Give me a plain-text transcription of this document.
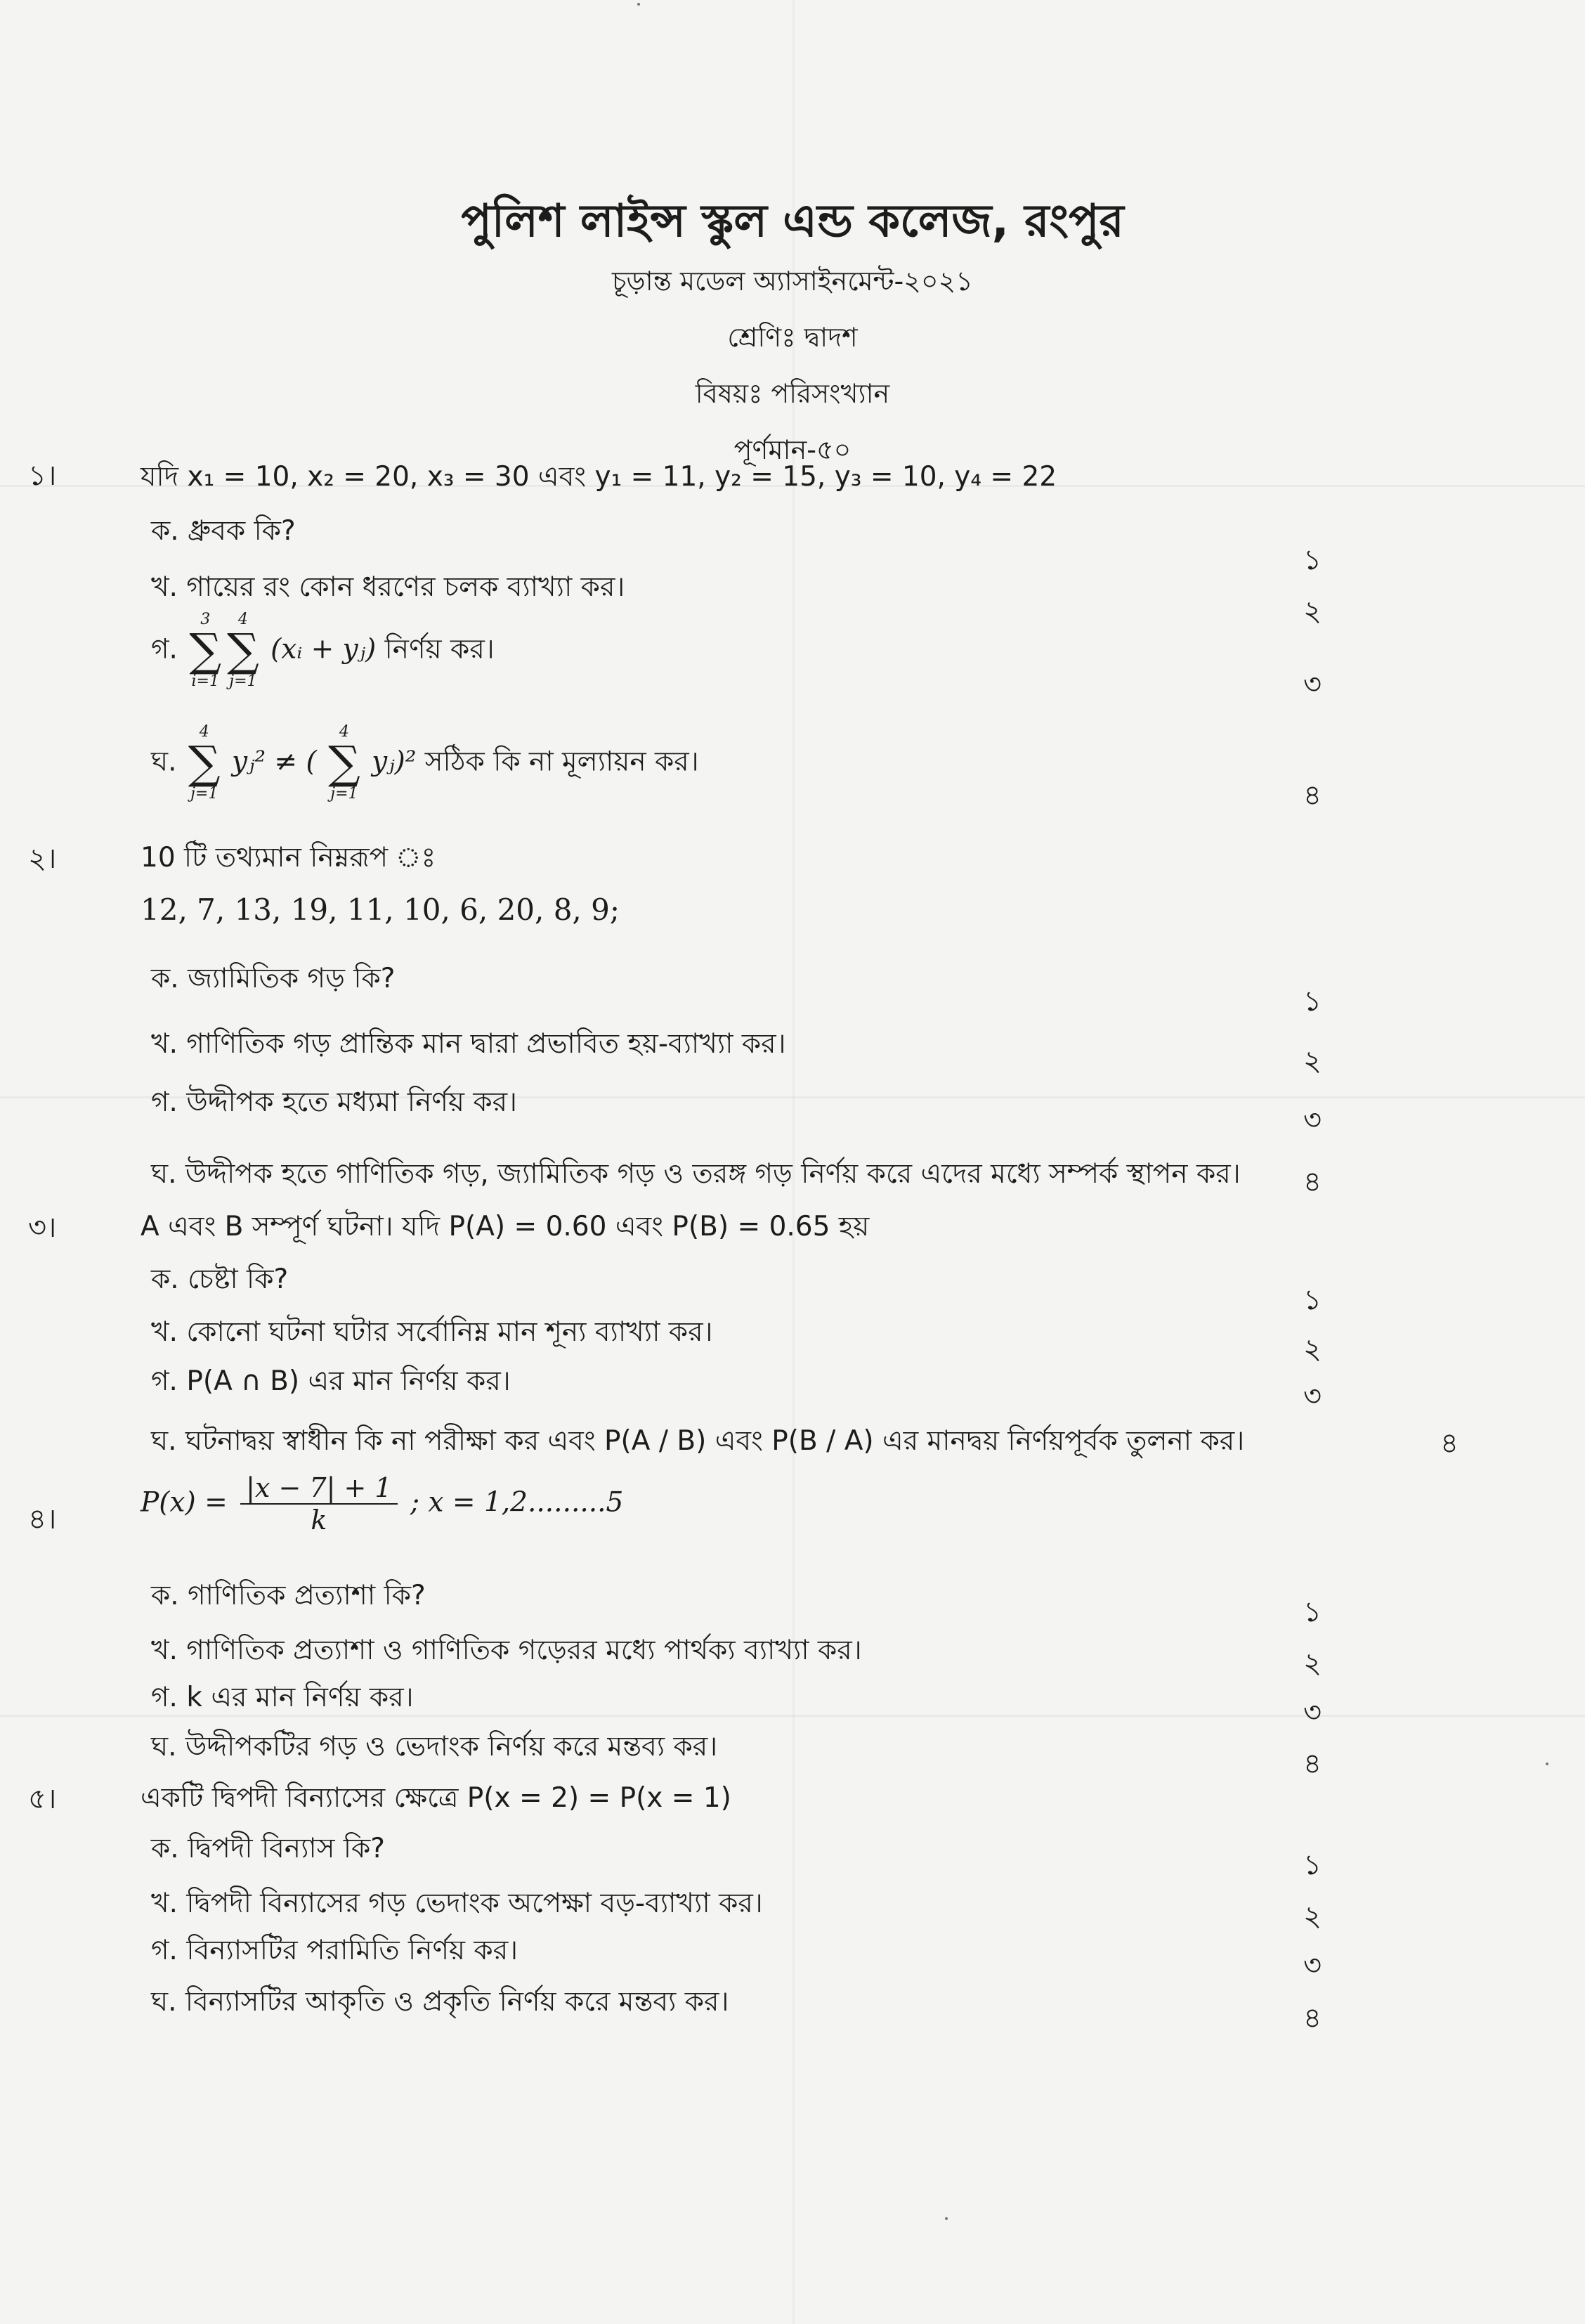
পুলিশ লাইন্স স্কুল এন্ড কলেজ, রংপুর
চূড়ান্ত মডেল অ্যাসাইনমেন্ট-২০২১
শ্রেণিঃ দ্বাদশ
বিষয়ঃ পরিসংখ্যান
পূর্ণমান-৫০
১।	যদি x₁ = 10, x₂ = 20, x₃ = 30 এবং y₁ = 11, y₂ = 15, y₃ = 10, y₄ = 22
ক. ধ্রুবক কি?
১
খ. গায়ের রং কোন ধরণের চলক ব্যাখ্যা কর।
২
গ.
3
∑
i=1
4
∑
j=1
(xᵢ + yⱼ) নির্ণয় কর।
৩
ঘ.
4
∑
j=1
yⱼ² ≠ (
4
∑
j=1
yⱼ)² সঠিক কি না মূল্যায়ন কর।
৪
২।	10 টি তথ্যমান নিম্নরূপ ঃ
12, 7, 13, 19, 11, 10, 6, 20, 8, 9;
ক. জ্যামিতিক গড় কি?
১
খ. গাণিতিক গড় প্রান্তিক মান দ্বারা প্রভাবিত হয়-ব্যাখ্যা কর।
২
গ. উদ্দীপক হতে মধ্যমা নির্ণয় কর।
৩
ঘ. উদ্দীপক হতে গাণিতিক গড়, জ্যামিতিক গড় ও তরঙ্গ গড় নির্ণয় করে এদের মধ্যে সম্পর্ক স্থাপন কর। ৪
৩।	A এবং B সম্পূর্ণ ঘটনা। যদি P(A) = 0.60 এবং P(B) = 0.65 হয়
ক. চেষ্টা কি?
১
খ. কোনো ঘটনা ঘটার সর্বোনিম্ন মান শূন্য ব্যাখ্যা কর।
২
গ. P(A ∩ B) এর মান নির্ণয় কর।	৩
ঘ. ঘটনাদ্বয় স্বাধীন কি না পরীক্ষা কর এবং P(A / B) এবং P(B / A) এর মানদ্বয় নির্ণয়পূর্বক তুলনা কর।	৪
৪।
$P(x) = \frac{|x - 7| + 1}{k}$ ; x = 1,2.........5
ক. গাণিতিক প্রত্যাশা কি?
১
খ. গাণিতিক প্রত্যাশা ও গাণিতিক গড়েরর মধ্যে পার্থক্য ব্যাখ্যা কর।	২
গ. k এর মান নির্ণয় কর।	৩
ঘ. উদ্দীপকটির গড় ও ভেদাংক নির্ণয় করে মন্তব্য কর।
৪
৫।	একটি দ্বিপদী বিন্যাসের ক্ষেত্রে P(x = 2) = P(x = 1)
ক. দ্বিপদী বিন্যাস কি?
১
খ. দ্বিপদী বিন্যাসের গড় ভেদাংক অপেক্ষা বড়-ব্যাখ্যা কর।	২
গ. বিন্যাসটির পরামিতি নির্ণয় কর।	৩
ঘ. বিন্যাসটির আকৃতি ও প্রকৃতি নির্ণয় করে মন্তব্য কর।
৪
